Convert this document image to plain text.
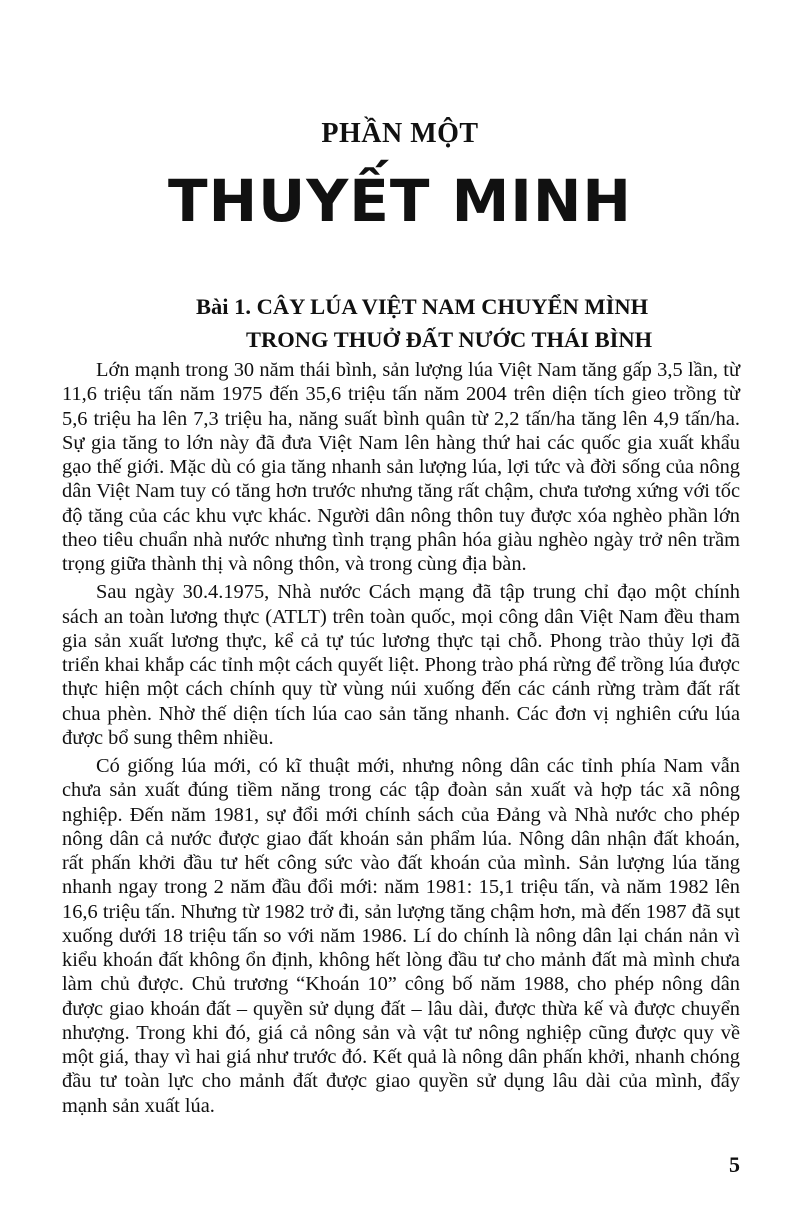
PHẦN MỘT
THUYẾT MINH
Bài 1. CÂY LÚA VIỆT NAM CHUYỂN MÌNH
TRONG THUỞ ĐẤT NƯỚC THÁI BÌNH

Lớn mạnh trong 30 năm thái bình, sản lượng lúa Việt Nam tăng gấp 3,5 lần, từ 11,6 triệu tấn năm 1975 đến 35,6 triệu tấn năm 2004 trên diện tích gieo trồng từ 5,6 triệu ha lên 7,3 triệu ha, năng suất bình quân từ 2,2 tấn/ha tăng lên 4,9 tấn/ha. Sự gia tăng to lớn này đã đưa Việt Nam lên hàng thứ hai các quốc gia xuất khẩu gạo thế giới. Mặc dù có gia tăng nhanh sản lượng lúa, lợi tức và đời sống của nông dân Việt Nam tuy có tăng hơn trước nhưng tăng rất chậm, chưa tương xứng với tốc độ tăng của các khu vực khác. Người dân nông thôn tuy được xóa nghèo phần lớn theo tiêu chuẩn nhà nước nhưng tình trạng phân hóa giàu nghèo ngày trở nên trầm trọng giữa thành thị và nông thôn, và trong cùng địa bàn.

Sau ngày 30.4.1975, Nhà nước Cách mạng đã tập trung chỉ đạo một chính sách an toàn lương thực (ATLT) trên toàn quốc, mọi công dân Việt Nam đều tham gia sản xuất lương thực, kể cả tự túc lương thực tại chỗ. Phong trào thủy lợi đã triển khai khắp các tỉnh một cách quyết liệt. Phong trào phá rừng để trồng lúa được thực hiện một cách chính quy từ vùng núi xuống đến các cánh rừng tràm đất rất chua phèn. Nhờ thế diện tích lúa cao sản tăng nhanh. Các đơn vị nghiên cứu lúa được bổ sung thêm nhiều.

Có giống lúa mới, có kĩ thuật mới, nhưng nông dân các tỉnh phía Nam vẫn chưa sản xuất đúng tiềm năng trong các tập đoàn sản xuất và hợp tác xã nông nghiệp. Đến năm 1981, sự đổi mới chính sách của Đảng và Nhà nước cho phép nông dân cả nước được giao đất khoán sản phẩm lúa. Nông dân nhận đất khoán, rất phấn khởi đầu tư hết công sức vào đất khoán của mình. Sản lượng lúa tăng nhanh ngay trong 2 năm đầu đổi mới: năm 1981: 15,1 triệu tấn, và năm 1982 lên 16,6 triệu tấn. Nhưng từ 1982 trở đi, sản lượng tăng chậm hơn, mà đến 1987 đã sụt xuống dưới 18 triệu tấn so với năm 1986. Lí do chính là nông dân lại chán nản vì kiểu khoán đất không ổn định, không hết lòng đầu tư cho mảnh đất mà mình chưa làm chủ được. Chủ trương “Khoán 10” công bố năm 1988, cho phép nông dân được giao khoán đất – quyền sử dụng đất – lâu dài, được thừa kế và được chuyển nhượng. Trong khi đó, giá cả nông sản và vật tư nông nghiệp cũng được quy về một giá, thay vì hai giá như trước đó. Kết quả là nông dân phấn khởi, nhanh chóng đầu tư toàn lực cho mảnh đất được giao quyền sử dụng lâu dài của mình, đẩy mạnh sản xuất lúa.

5
